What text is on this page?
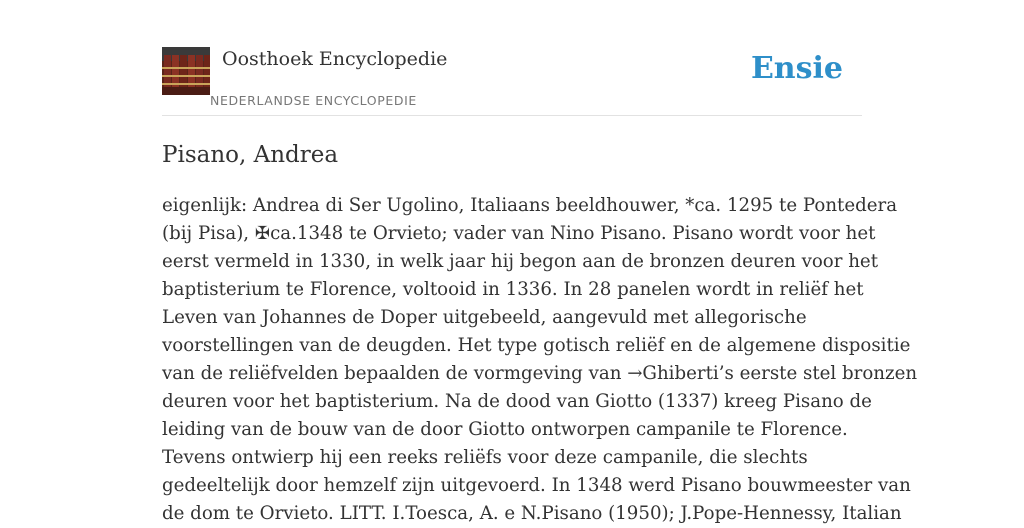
Oosthoek Encyclopedie
NEDERLANDSE ENCYCLOPEDIE
Ensie
Pisano, Andrea
eigenlijk: Andrea di Ser Ugolino, Italiaans beeldhouwer, *ca. 1295 te Pontedera
(bij Pisa), ✠ca.1348 te Orvieto; vader van Nino Pisano. Pisano wordt voor het
eerst vermeld in 1330, in welk jaar hij begon aan de bronzen deuren voor het
baptisterium te Florence, voltooid in 1336. In 28 panelen wordt in reliëf het
Leven van Johannes de Doper uitgebeeld, aangevuld met allegorische
voorstellingen van de deugden. Het type gotisch reliëf en de algemene dispositie
van de reliëfvelden bepaalden de vormgeving van →Ghiberti’s eerste stel bronzen
deuren voor het baptisterium. Na de dood van Giotto (1337) kreeg Pisano de
leiding van de bouw van de door Giotto ontworpen campanile te Florence.
Tevens ontwierp hij een reeks reliëfs voor deze campanile, die slechts
gedeeltelijk door hemzelf zijn uitgevoerd. In 1348 werd Pisano bouwmeester van
de dom te Orvieto. LITT. I.Toesca, A. e N.Pisano (1950); J.Pope-Hennessy, Italian
